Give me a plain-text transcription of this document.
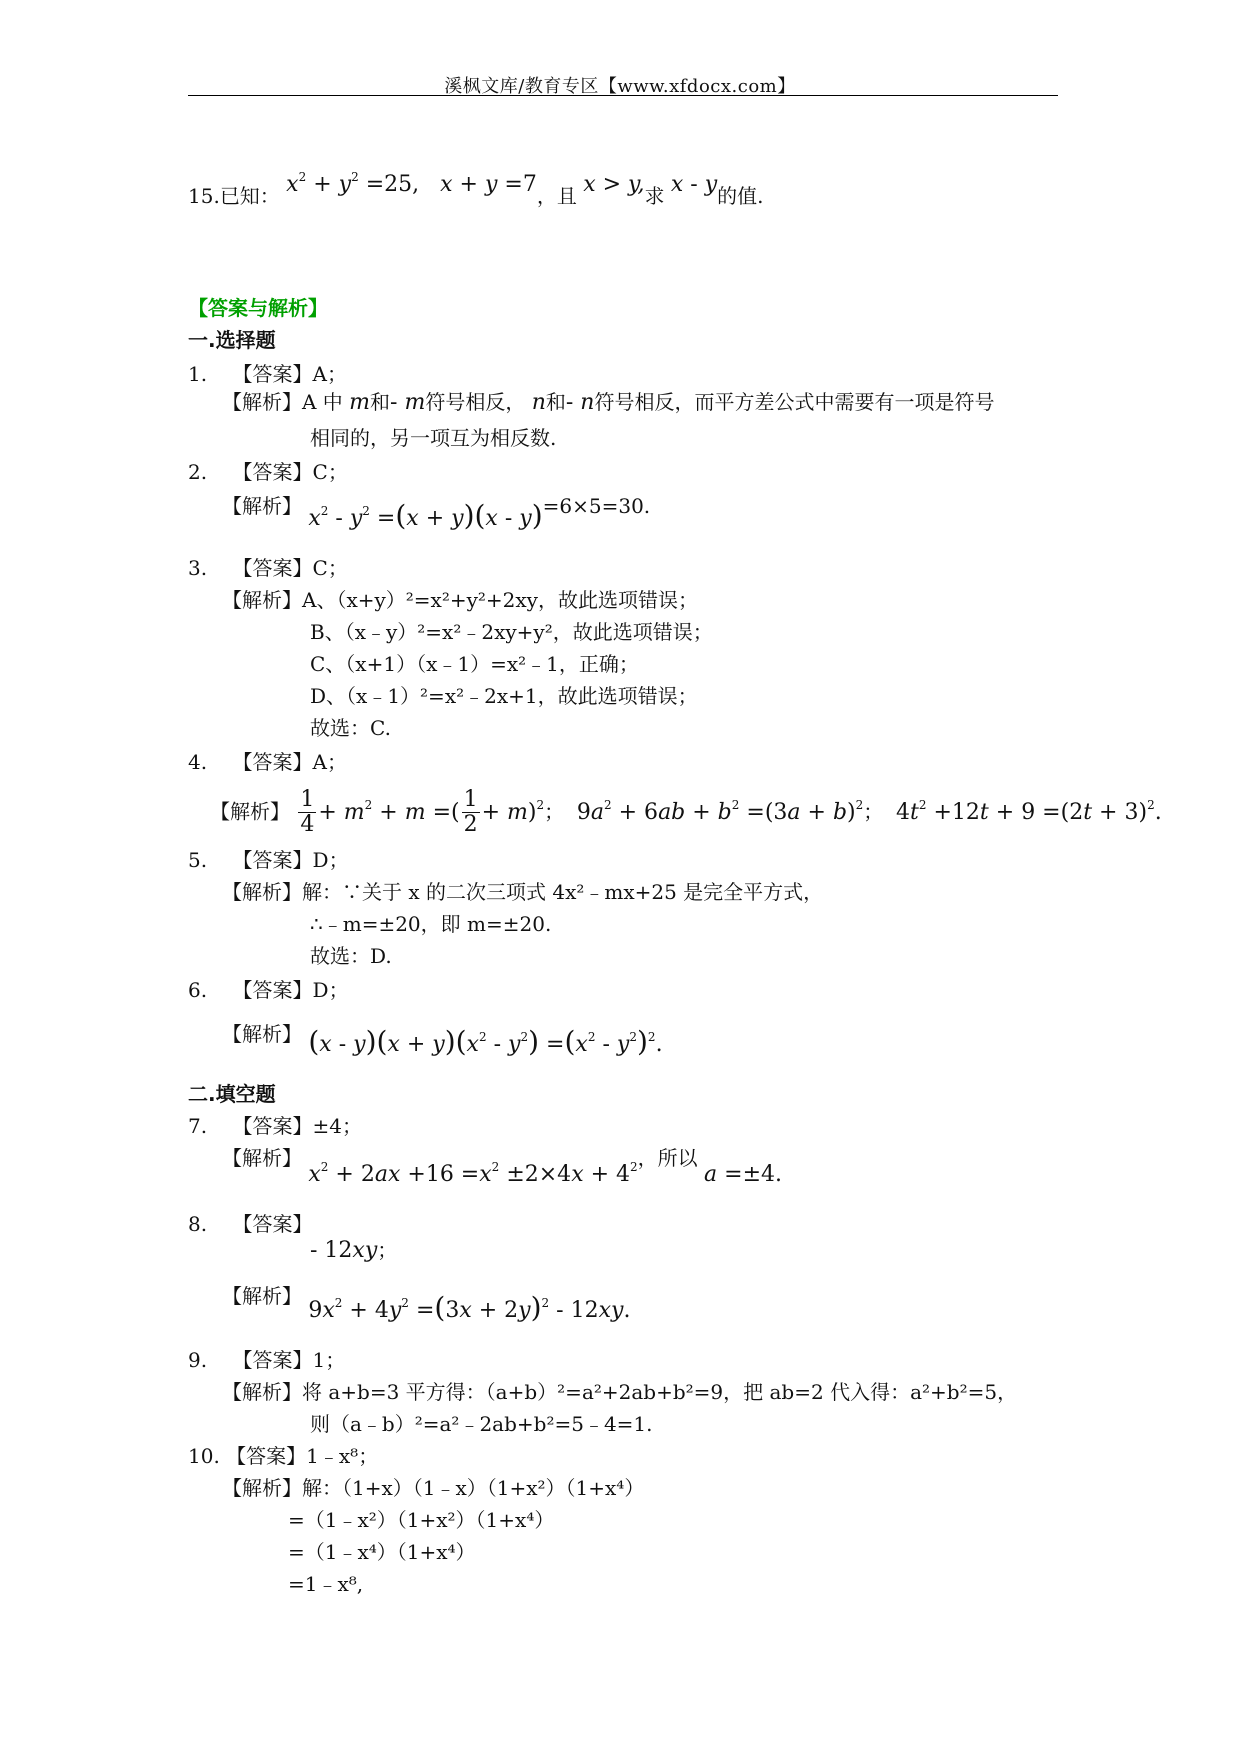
溪枫文库/教育专区【www.xfdocx.com】
15.已知： $x^2 + y^2 =25$,   x + y =7，且 x > y,求 x - y的值.
【答案与解析】
一.选择题
1. 【答案】A；
【解析】A 中 m和- m符号相反， n和- n符号相反，而平方差公式中需要有一项是符号
相同的，另一项互为相反数.
2. 【答案】C；
【解析】 $x^2 - y^2 =(x + y)(x - y)=6\times 5=30$.
3. 【答案】C；
【解析】A、（x+y）²=x²+y²+2xy，故此选项错误；
B、（x﹣y）²=x²﹣2xy+y²，故此选项错误；
C、（x+1）（x﹣1）=x²﹣1，正确；
D、（x﹣1）²=x²﹣2x+1，故此选项错误；
故选：C.
4. 【答案】A；
【解析】 $\frac{1}{4} + m^2 + m$ =( $\frac{1}{2} + m)^2$；  $9a^2 + 6ab + b^2 =(3a + b)^2$；  $4t^2 +12t + 9 =(2t + 3)^2$.
5. 【答案】D；
【解析】解：∵关于 x 的二次三项式 4x²﹣mx+25 是完全平方式，
∴﹣m=±20，即 m=±20.
故选：D.
6. 【答案】D；
【解析】 $(x - y)(x + y)(x^2 - y^2) =(x^2 - y^2)^2$.
二.填空题
7. 【答案】±4；
【解析】 $x^2 + 2ax +16 =x^2 \pm 2\times 4x + 4^2$，所以 a =±4.
8. 【答案】
- 12xy；
【解析】 $9x^2 + 4y^2 =(3x + 2y)^2 - 12xy$.
9. 【答案】1；
【解析】将 a+b=3 平方得：（a+b）²=a²+2ab+b²=9，把 ab=2 代入得：a²+b²=5，
则（a﹣b）²=a²﹣2ab+b²=5﹣4=1.
10. 【答案】1﹣x⁸；
【解析】解：（1+x）（1﹣x）（1+x²）（1+x⁴）
=（1﹣x²）（1+x²）（1+x⁴）
=（1﹣x⁴）（1+x⁴）
=1﹣x⁸,
